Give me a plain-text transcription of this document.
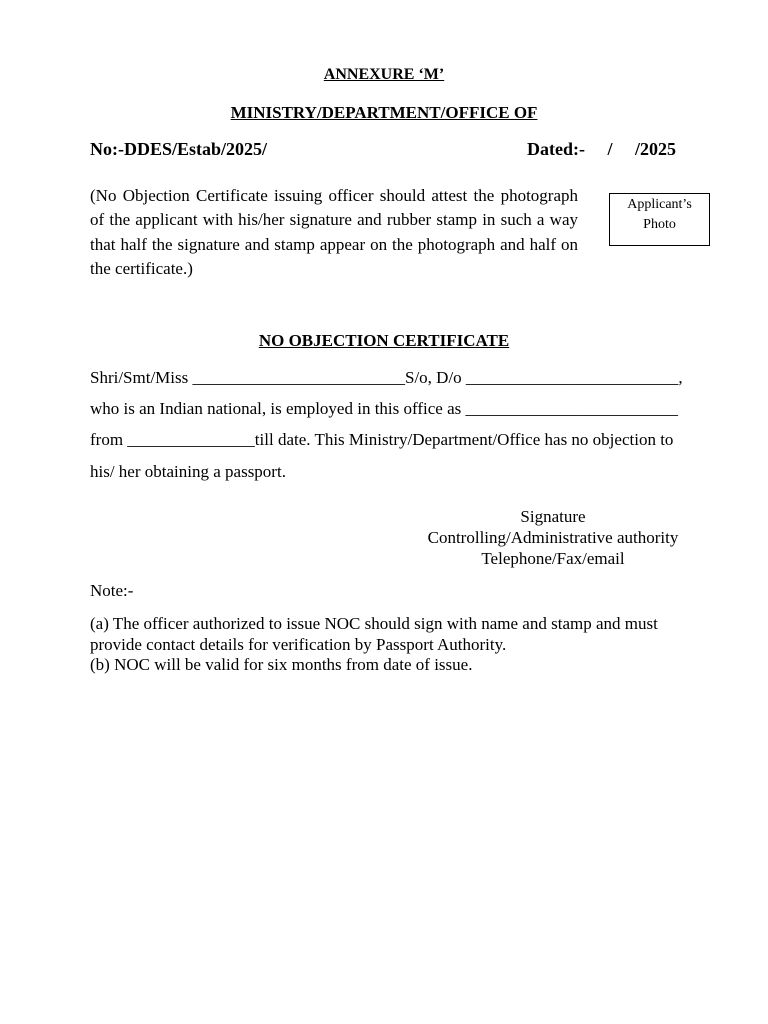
ANNEXURE ‘M’
MINISTRY/DEPARTMENT/OFFICE OF
No:-DDES/Estab/2025/	Dated:-     /     /2025
(No Objection Certificate issuing officer should attest the photograph of the applicant with his/her signature and rubber stamp in such a way that half the signature and stamp appear on the photograph and half on the certificate.)
Applicant’s
Photo
NO OBJECTION CERTIFICATE
Shri/Smt/Miss _________________________S/o, D/o _________________________,
who is an Indian national, is employed in this office as _________________________
from _______________till date. This Ministry/Department/Office has no objection to
his/ her obtaining a passport.
Signature
Controlling/Administrative authority
Telephone/Fax/email
Note:-
(a) The officer authorized to issue NOC should sign with name and stamp and must provide contact details for verification by Passport Authority.
(b) NOC will be valid for six months from date of issue.
